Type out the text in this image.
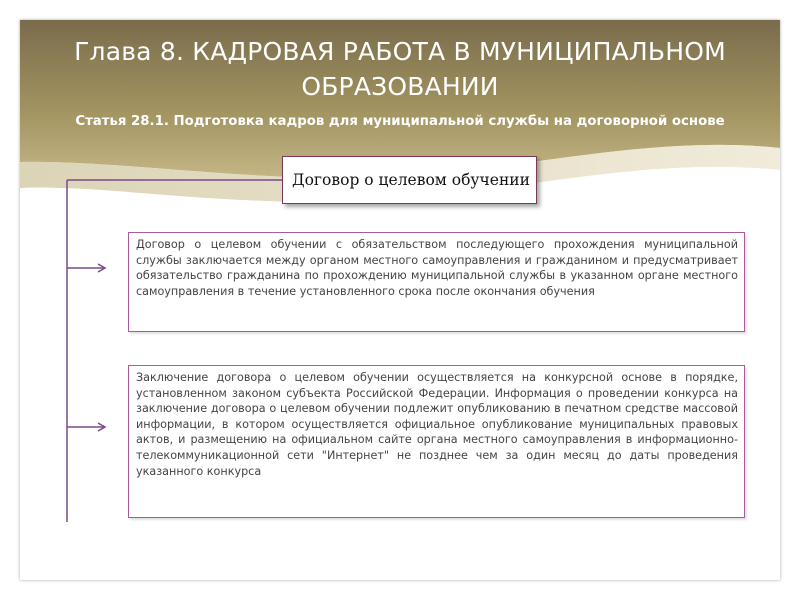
Глава 8. КАДРОВАЯ РАБОТА В МУНИЦИПАЛЬНОМ ОБРАЗОВАНИИ
Статья 28.1. Подготовка кадров для муниципальной службы на договорной основе
Договор о целевом обучении
Договор о целевом обучении с обязательством последующего прохождения муниципальной службы заключается между органом местного самоуправления и гражданином и предусматривает обязательство гражданина по прохождению муниципальной службы в указанном органе местного самоуправления в течение установленного срока после окончания обучения
Заключение договора о целевом обучении осуществляется на конкурсной основе в порядке, установленном законом субъекта Российской Федерации. Информация о проведении конкурса на заключение договора о целевом обучении подлежит опубликованию в печатном средстве массовой информации, в котором осуществляется официальное опубликование муниципальных правовых актов, и размещению на официальном сайте органа местного самоуправления в информационно-телекоммуникационной сети "Интернет" не позднее чем за один месяц до даты проведения указанного конкурса
